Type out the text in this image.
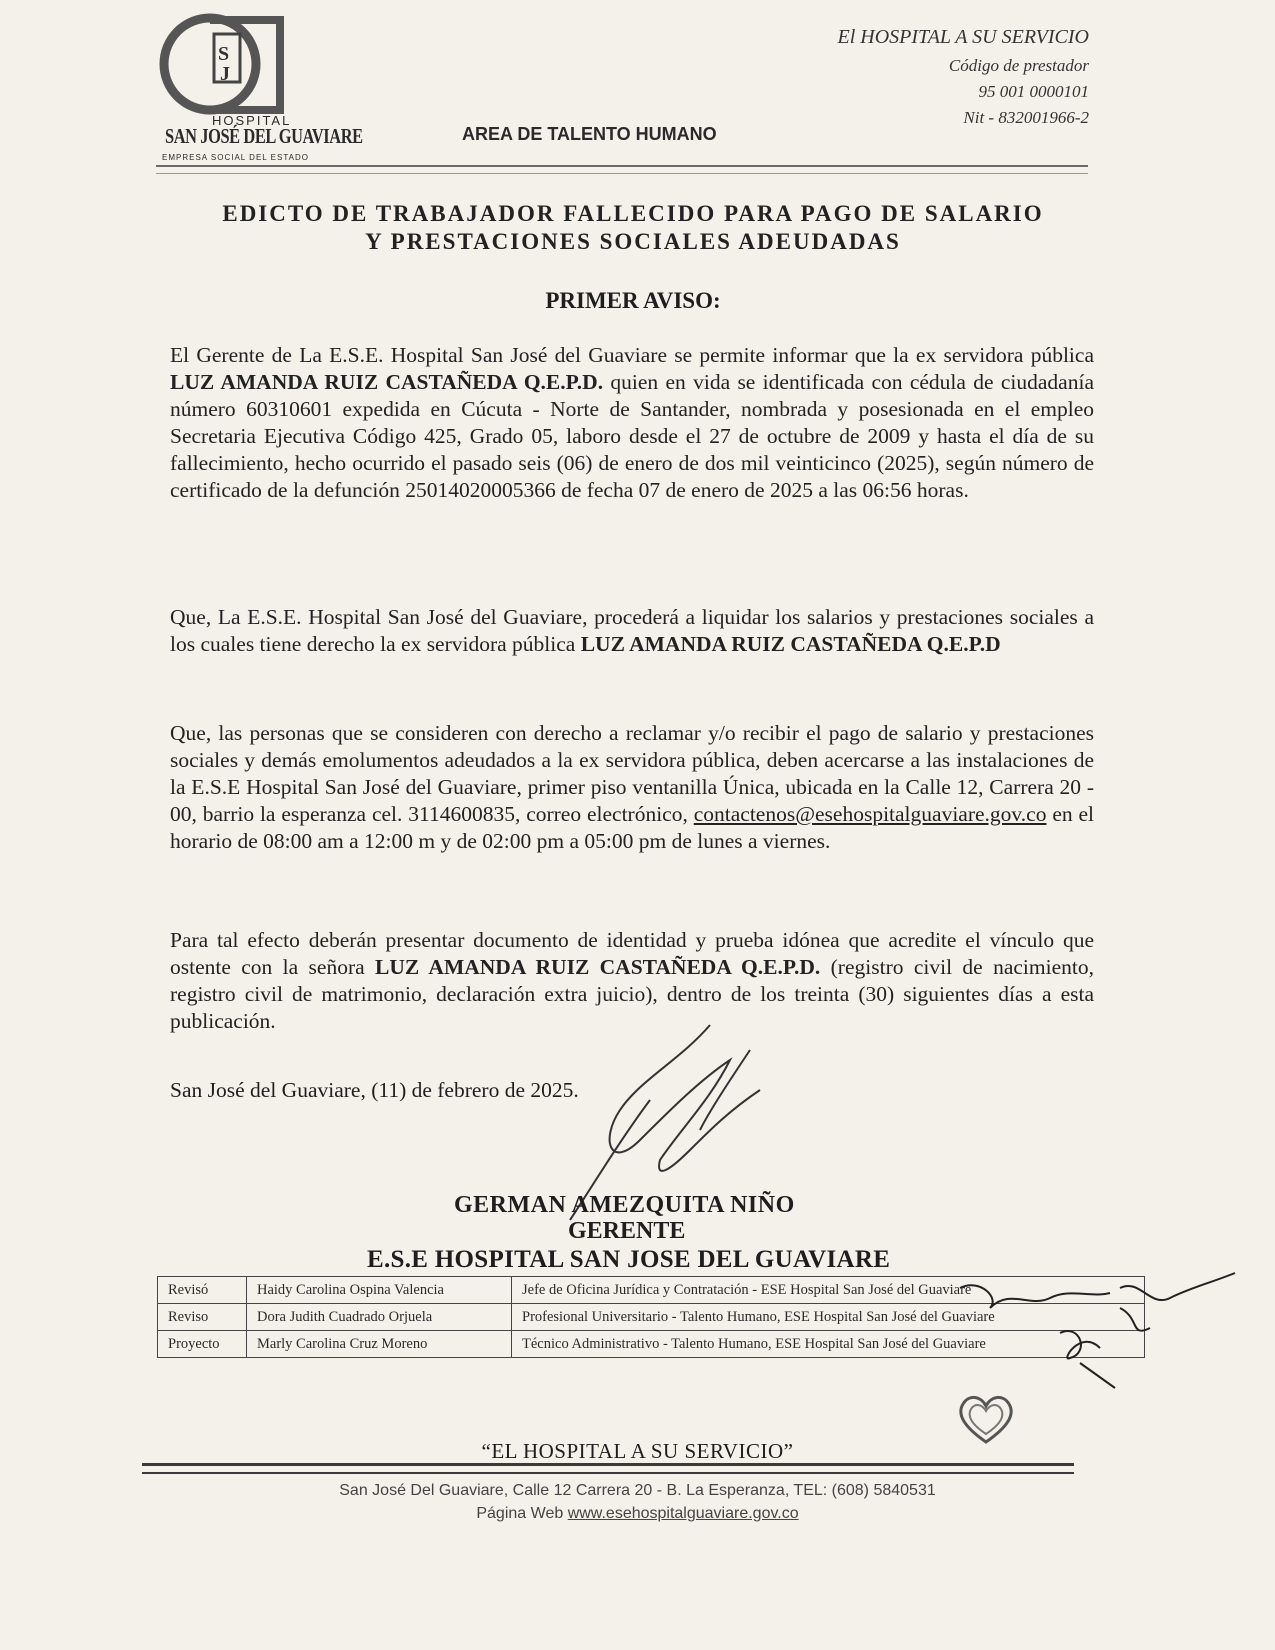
S
J
HOSPITAL
SAN JOSÉ DEL GUAVIARE
EMPRESA SOCIAL DEL ESTADO
AREA DE TALENTO HUMANO
El HOSPITAL A SU SERVICIO
Código de prestador
95 001 0000101
Nit - 832001966-2
EDICTO DE TRABAJADOR FALLECIDO PARA PAGO DE SALARIO
Y PRESTACIONES SOCIALES ADEUDADAS
PRIMER AVISO:
El Gerente de La E.S.E. Hospital San José del Guaviare se permite informar que la ex servidora pública LUZ AMANDA RUIZ CASTAÑEDA Q.E.P.D. quien en vida se identificada con cédula de ciudadanía número 60310601 expedida en Cúcuta - Norte de Santander, nombrada y posesionada en el empleo Secretaria Ejecutiva Código 425, Grado 05, laboro desde el 27 de octubre de 2009 y hasta el día de su fallecimiento, hecho ocurrido el pasado seis (06) de enero de dos mil veinticinco (2025), según número de certificado de la defunción 25014020005366 de fecha 07 de enero de 2025 a las 06:56 horas.
Que, La E.S.E. Hospital San José del Guaviare, procederá a liquidar los salarios y prestaciones sociales a los cuales tiene derecho la ex servidora pública LUZ AMANDA RUIZ CASTAÑEDA Q.E.P.D
Que, las personas que se consideren con derecho a reclamar y/o recibir el pago de salario y prestaciones sociales y demás emolumentos adeudados a la ex servidora pública, deben acercarse a las instalaciones de la E.S.E Hospital San José del Guaviare, primer piso ventanilla Única, ubicada en la Calle 12, Carrera 20 - 00, barrio la esperanza cel. 3114600835, correo electrónico, contactenos@esehospitalguaviare.gov.co en el horario de 08:00 am a 12:00 m y de 02:00 pm a 05:00 pm de lunes a viernes.
Para tal efecto deberán presentar documento de identidad y prueba idónea que acredite el vínculo que ostente con la señora LUZ AMANDA RUIZ CASTAÑEDA Q.E.P.D. (registro civil de nacimiento, registro civil de matrimonio, declaración extra juicio), dentro de los treinta (30) siguientes días a esta publicación.
San José del Guaviare, (11) de febrero de 2025.
GERMAN AMEZQUITA NIÑO
GERENTE
E.S.E HOSPITAL SAN JOSE DEL GUAVIARE
Revisó	Haidy Carolina Ospina Valencia	Jefe de Oficina Jurídica y Contratación - ESE Hospital San José del Guaviare
Reviso	Dora Judith Cuadrado Orjuela	Profesional Universitario - Talento Humano, ESE Hospital San José del Guaviare
Proyecto	Marly Carolina Cruz Moreno	Técnico Administrativo - Talento Humano, ESE Hospital San José del Guaviare
“EL HOSPITAL A SU SERVICIO”
San José Del Guaviare, Calle 12 Carrera 20 - B. La Esperanza, TEL: (608) 5840531
Página Web www.esehospitalguaviare.gov.co
